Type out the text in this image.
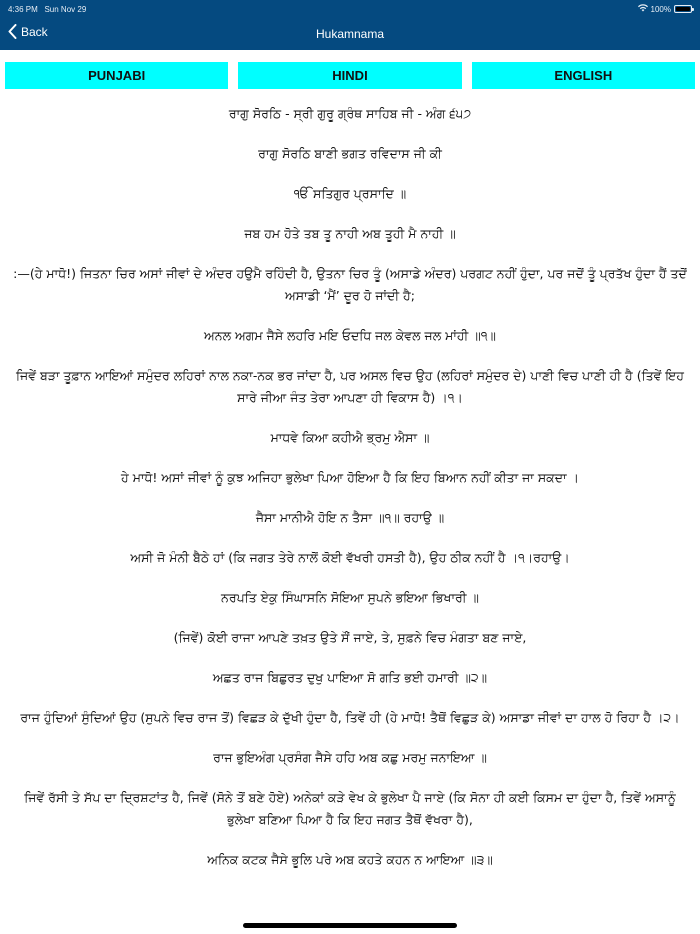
4:36 PM Sun Nov 29	100%
Back	Hukamnama
PUNJABI	HINDI	ENGLISH

ਰਾਗੁ ਸੋਰਠਿ - ਸ੍ਰੀ ਗੁਰੂ ਗ੍ਰੰਥ ਸਾਹਿਬ ਜੀ - ਅੰਗ ੬੫੭

ਰਾਗੁ ਸੋਰਠਿ ਬਾਣੀ ਭਗਤ ਰਵਿਦਾਸ ਜੀ ਕੀ

ੴ ਸਤਿਗੁਰ ਪ੍ਰਸਾਦਿ ॥

ਜਬ ਹਮ ਹੋਤੇ ਤਬ ਤੂ ਨਾਹੀ ਅਬ ਤੂਹੀ ਮੈ ਨਾਹੀ ॥

:—(ਹੇ ਮਾਧੋ!) ਜਿਤਨਾ ਚਿਰ ਅਸਾਂ ਜੀਵਾਂ ਦੇ ਅੰਦਰ ਹਉਮੈ ਰਹਿੰਦੀ ਹੈ, ਉਤਨਾ ਚਿਰ ਤੂੰ (ਅਸਾਡੇ ਅੰਦਰ) ਪਰਗਟ ਨਹੀਂ ਹੁੰਦਾ, ਪਰ ਜਦੋਂ ਤੂੰ ਪ੍ਰਤੱਖ ਹੁੰਦਾ ਹੈਂ ਤਦੋਂ ਅਸਾਡੀ ‘ਮੈਂ’ ਦੂਰ ਹੋ ਜਾਂਦੀ ਹੈ;

ਅਨਲ ਅਗਮ ਜੈਸੇ ਲਹਰਿ ਮਇ ਓਦਧਿ ਜਲ ਕੇਵਲ ਜਲ ਮਾਂਹੀ ॥੧॥

ਜਿਵੇਂ ਬੜਾ ਤੂਫ਼ਾਨ ਆਇਆਂ ਸਮੁੰਦਰ ਲਹਿਰਾਂ ਨਾਲ ਨਕਾ-ਨਕ ਭਰ ਜਾਂਦਾ ਹੈ, ਪਰ ਅਸਲ ਵਿਚ ਉਹ (ਲਹਿਰਾਂ ਸਮੁੰਦਰ ਦੇ) ਪਾਣੀ ਵਿਚ ਪਾਣੀ ਹੀ ਹੈ (ਤਿਵੇਂ ਇਹ ਸਾਰੇ ਜੀਆ ਜੰਤ ਤੇਰਾ ਆਪਣਾ ਹੀ ਵਿਕਾਸ ਹੈ) ।੧।

ਮਾਧਵੇ ਕਿਆ ਕਹੀਐ ਭ੍ਰਮੁ ਐਸਾ ॥

ਹੇ ਮਾਧੋ! ਅਸਾਂ ਜੀਵਾਂ ਨੂੰ ਕੁਝ ਅਜਿਹਾ ਭੁਲੇਖਾ ਪਿਆ ਹੋਇਆ ਹੈ ਕਿ ਇਹ ਬਿਆਨ ਨਹੀਂ ਕੀਤਾ ਜਾ ਸਕਦਾ ।

ਜੈਸਾ ਮਾਨੀਐ ਹੋਇ ਨ ਤੈਸਾ ॥੧॥ ਰਹਾਉ ॥

ਅਸੀ ਜੋ ਮੰਨੀ ਬੈਠੇ ਹਾਂ (ਕਿ ਜਗਤ ਤੇਰੇ ਨਾਲੋਂ ਕੋਈ ਵੱਖਰੀ ਹਸਤੀ ਹੈ), ਉਹ ਠੀਕ ਨਹੀਂ ਹੈ ।੧।ਰਹਾਉ।

ਨਰਪਤਿ ਏਕੁ ਸਿੰਘਾਸਨਿ ਸੋਇਆ ਸੁਪਨੇ ਭਇਆ ਭਿਖਾਰੀ ॥

(ਜਿਵੇਂ) ਕੋਈ ਰਾਜਾ ਆਪਣੇ ਤਖ਼ਤ ਉਤੇ ਸੌਂ ਜਾਏ, ਤੇ, ਸੁਫ਼ਨੇ ਵਿਚ ਮੰਗਤਾ ਬਣ ਜਾਏ,

ਅਛਤ ਰਾਜ ਬਿਛੁਰਤ ਦੁਖੁ ਪਾਇਆ ਸੋ ਗਤਿ ਭਈ ਹਮਾਰੀ ॥੨॥

ਰਾਜ ਹੁੰਦਿਆਂ ਸੁੰਦਿਆਂ ਉਹ (ਸੁਪਨੇ ਵਿਚ ਰਾਜ ਤੋਂ) ਵਿਛੜ ਕੇ ਦੁੱਖੀ ਹੁੰਦਾ ਹੈ, ਤਿਵੇਂ ਹੀ (ਹੇ ਮਾਧੋ! ਤੈਥੋਂ ਵਿਛੁੜ ਕੇ) ਅਸਾਡਾ ਜੀਵਾਂ ਦਾ ਹਾਲ ਹੋ ਰਿਹਾ ਹੈ ।੨।

ਰਾਜ ਭੁਇਅੰਗ ਪ੍ਰਸੰਗ ਜੈਸੇ ਹਹਿ ਅਬ ਕਛੁ ਮਰਮੁ ਜਨਾਇਆ ॥

ਜਿਵੇਂ ਰੱਸੀ ਤੇ ਸੱਪ ਦਾ ਦ੍ਰਿਸ਼ਟਾਂਤ ਹੈ, ਜਿਵੇਂ (ਸੋਨੇ ਤੋਂ ਬਣੇ ਹੋਏ) ਅਨੇਕਾਂ ਕੜੇ ਵੇਖ ਕੇ ਭੁਲੇਖਾ ਪੈ ਜਾਏ (ਕਿ ਸੋਨਾ ਹੀ ਕਈ ਕਿਸਮ ਦਾ ਹੁੰਦਾ ਹੈ, ਤਿਵੇਂ ਅਸਾਨੂੰ ਭੁਲੇਖਾ ਬਣਿਆ ਪਿਆ ਹੈ ਕਿ ਇਹ ਜਗਤ ਤੈਥੋਂ ਵੱਖਰਾ ਹੈ),

ਅਨਿਕ ਕਟਕ ਜੈਸੇ ਭੂਲਿ ਪਰੇ ਅਬ ਕਹਤੇ ਕਹਨ ਨ ਆਇਆ ॥੩॥
